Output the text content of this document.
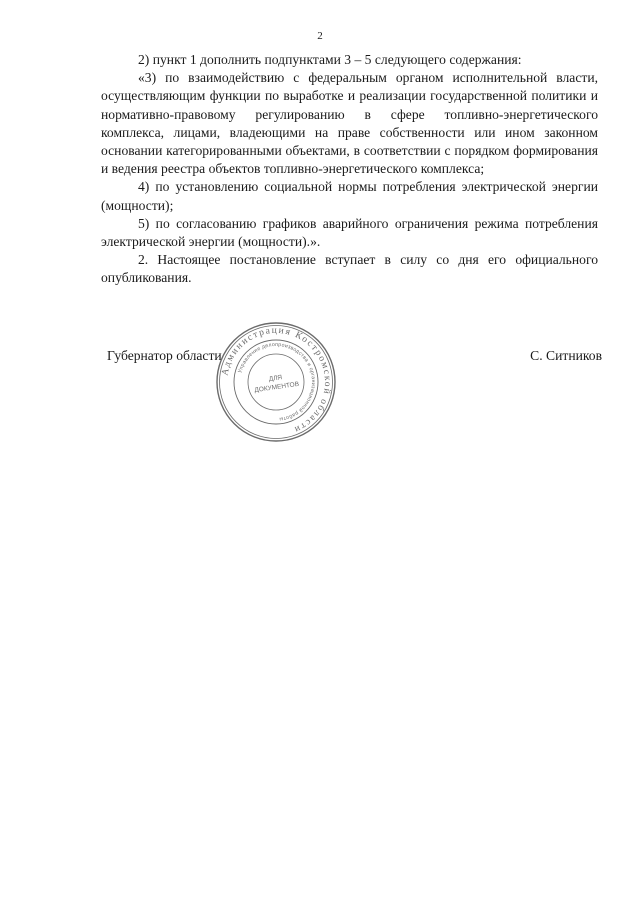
2

2) пункт 1 дополнить подпунктами 3 – 5 следующего содержания:

«3) по взаимодействию с федеральным органом исполнительной власти, осуществляющим функции по выработке и реализации государственной политики и нормативно-правовому регулированию в сфере топливно-энергетического комплекса, лицами, владеющими на праве собственности или ином законном основании категорированными объектами, в соответствии с порядком формирования и ведения реестра объектов топливно-энергетического комплекса;

4) по установлению социальной нормы потребления электрической энергии (мощности);

5) по согласованию графиков аварийного ограничения режима потребления электрической энергии (мощности).».

2. Настоящее постановление вступает в силу со дня его официального опубликования.

Губернатор области	С. Ситников
Администрация Костромской области
Управление делопроизводства и организационной работы
ДЛЯ
ДОКУМЕНТОВ
